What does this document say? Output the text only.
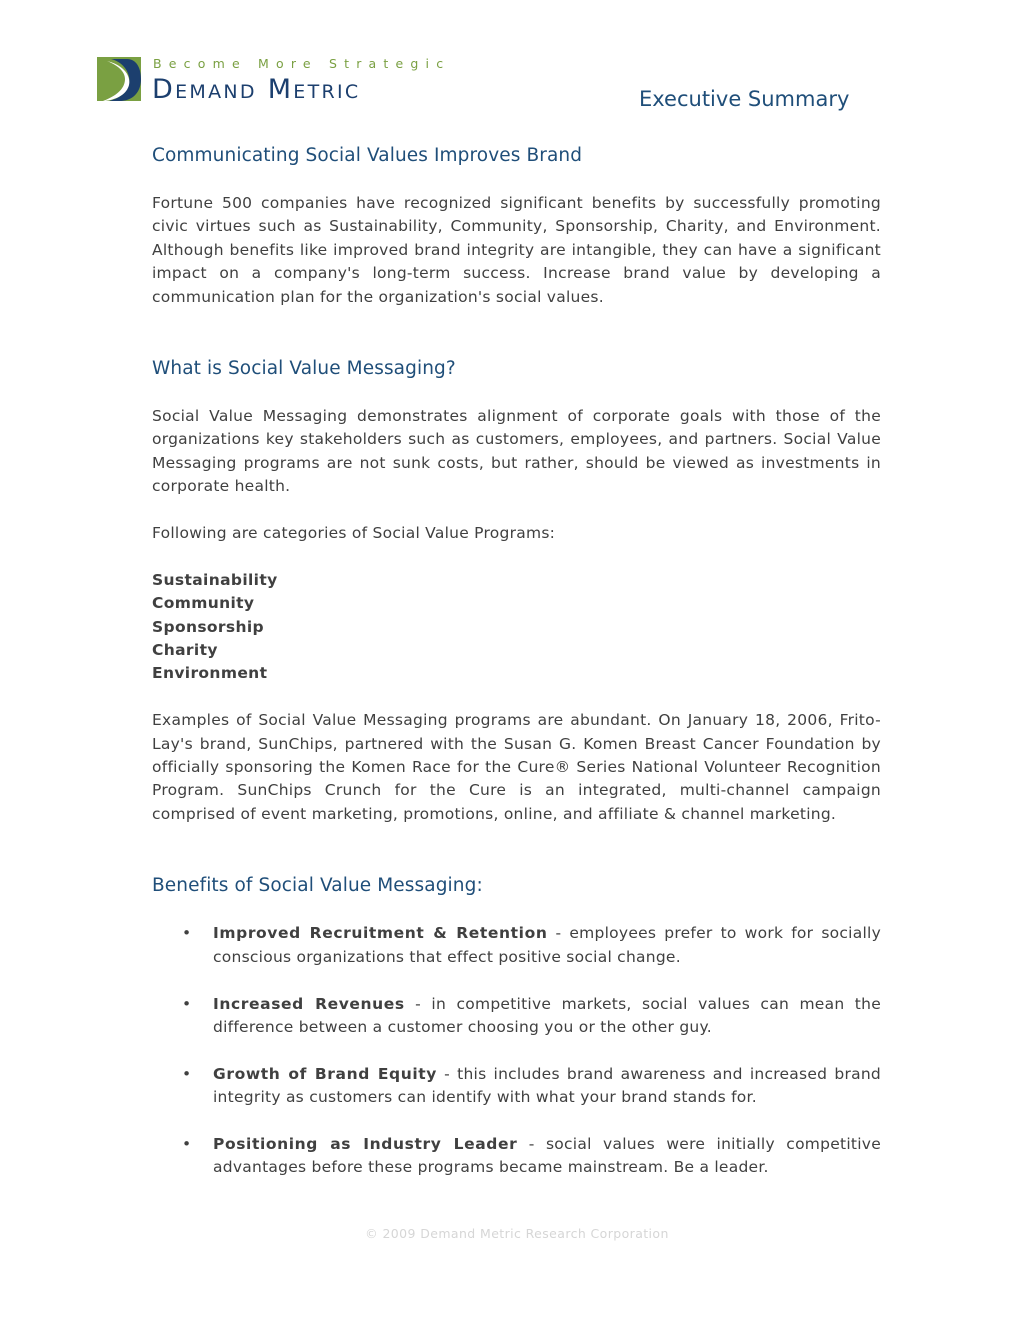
Become More Strategic
Demand Metric	Executive Summary
Communicating Social Values Improves Brand

Fortune 500 companies have recognized significant benefits by successfully promoting civic virtues such as Sustainability, Community, Sponsorship, Charity, and Environment. Although benefits like improved brand integrity are intangible, they can have a significant impact on a company's long-term success. Increase brand value by developing a communication plan for the organization's social values.

What is Social Value Messaging?

Social Value Messaging demonstrates alignment of corporate goals with those of the organizations key stakeholders such as customers, employees, and partners. Social Value Messaging programs are not sunk costs, but rather, should be viewed as investments in corporate health.

Following are categories of Social Value Programs:

Sustainability
Community
Sponsorship
Charity
Environment

Examples of Social Value Messaging programs are abundant. On January 18, 2006, Frito-Lay's brand, SunChips, partnered with the Susan G. Komen Breast Cancer Foundation by officially sponsoring the Komen Race for the Cure® Series National Volunteer Recognition Program. SunChips Crunch for the Cure is an integrated, multi-channel campaign comprised of event marketing, promotions, online, and affiliate & channel marketing.

Benefits of Social Value Messaging:
• Improved Recruitment & Retention - employees prefer to work for socially conscious organizations that effect positive social change.
• Increased Revenues - in competitive markets, social values can mean the difference between a customer choosing you or the other guy.
• Growth of Brand Equity - this includes brand awareness and increased brand integrity as customers can identify with what your brand stands for.
• Positioning as Industry Leader - social values were initially competitive advantages before these programs became mainstream. Be a leader.
© 2009 Demand Metric Research Corporation
